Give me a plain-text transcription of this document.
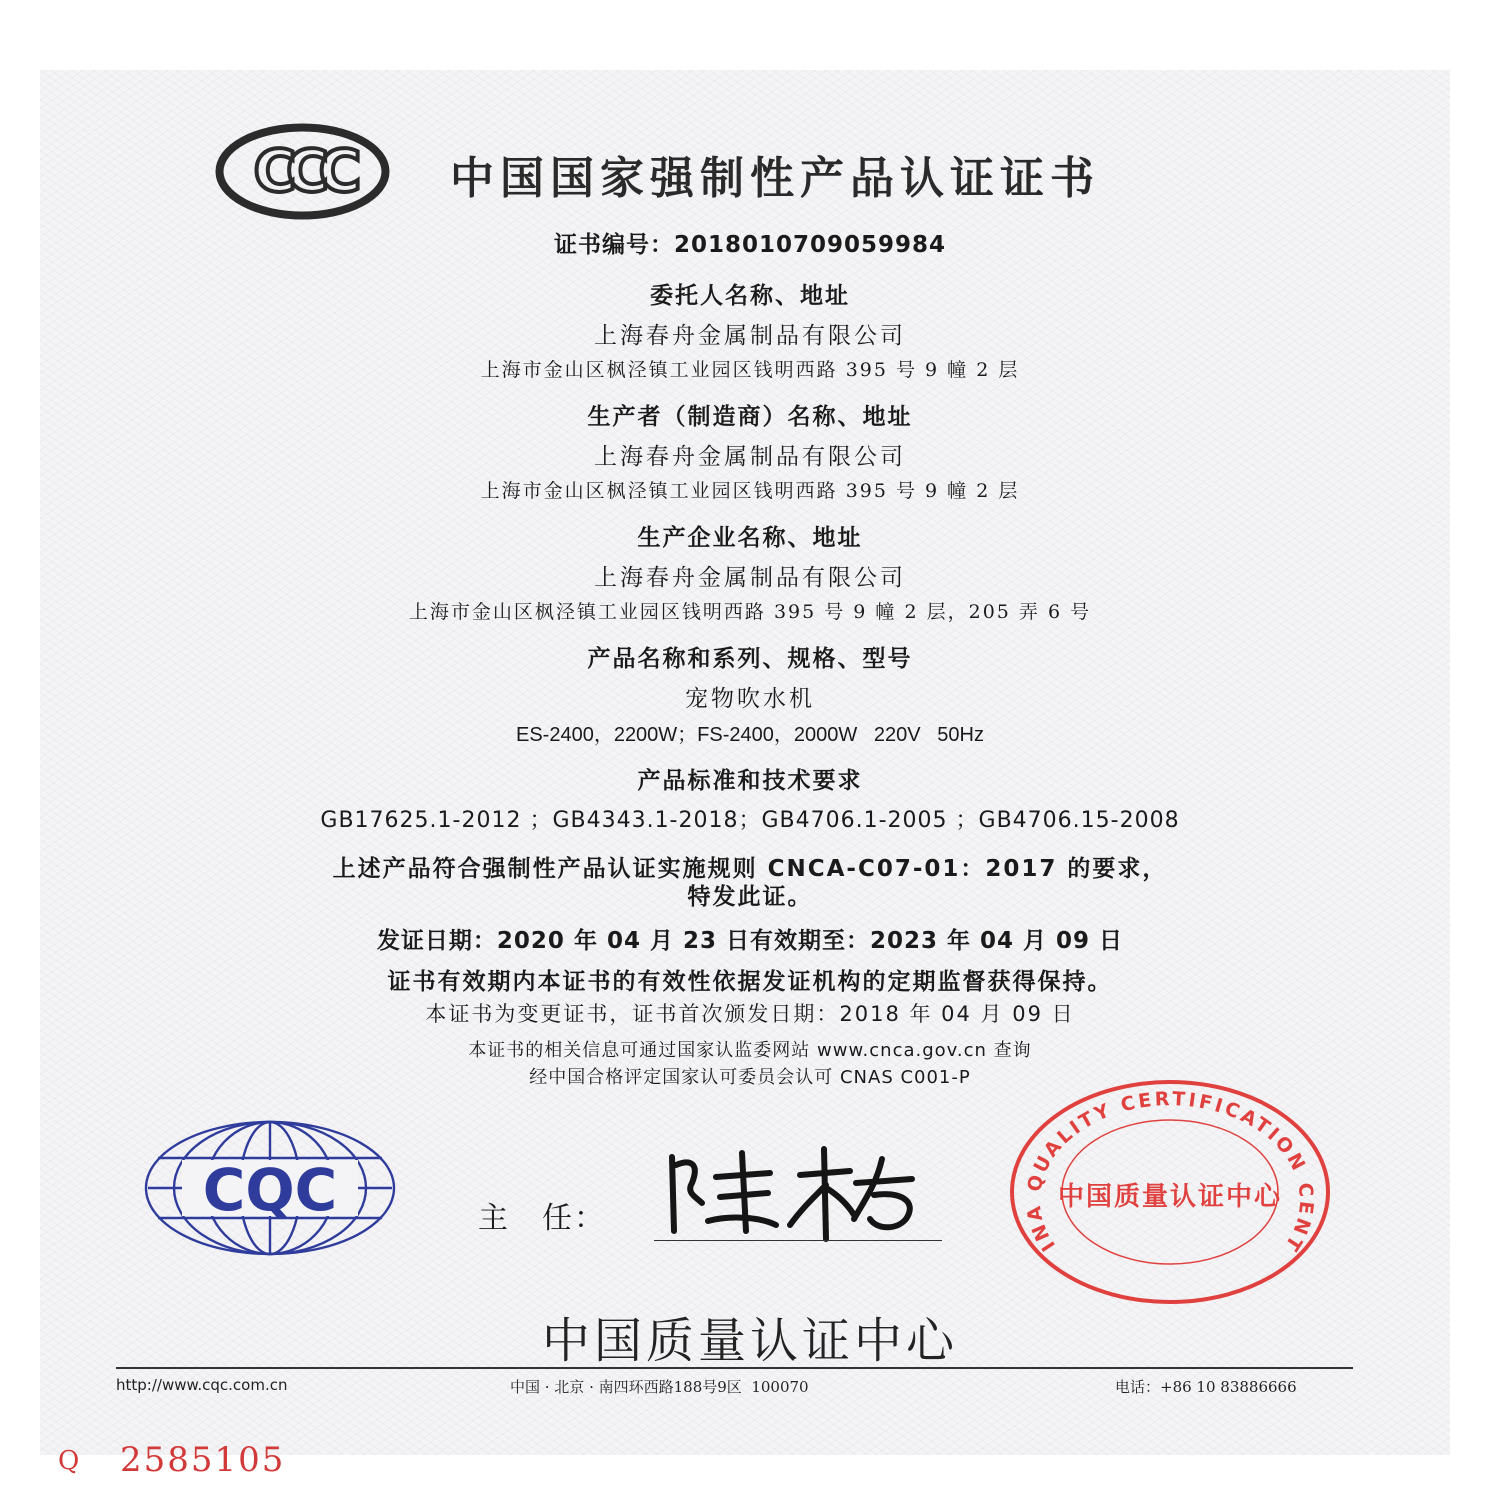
CCC 中国国家强制性产品认证证书
证书编号：2018010709059984
委托人名称、地址
上海春舟金属制品有限公司
上海市金山区枫泾镇工业园区钱明西路 395 号 9 幢 2 层
生产者（制造商）名称、地址
上海春舟金属制品有限公司
上海市金山区枫泾镇工业园区钱明西路 395 号 9 幢 2 层
生产企业名称、地址
上海春舟金属制品有限公司
上海市金山区枫泾镇工业园区钱明西路 395 号 9 幢 2 层，205 弄 6 号
产品名称和系列、规格、型号
宠物吹水机
ES-2400，2200W；FS-2400，2000W   220V   50Hz
产品标准和技术要求
GB17625.1-2012 ；GB4343.1-2018；GB4706.1-2005 ；GB4706.15-2008
上述产品符合强制性产品认证实施规则 CNCA-C07-01：2017 的要求，
特发此证。
发证日期：2020 年 04 月 23 日有效期至：2023 年 04 月 09 日
证书有效期内本证书的有效性依据发证机构的定期监督获得保持。
本证书为变更证书，证书首次颁发日期：2018 年 04 月 09 日
本证书的相关信息可通过国家认监委网站 www.cnca.gov.cn 查询
经中国合格评定国家认可委员会认可 CNAS C001-P
CQC	主　任：
INA QUALITY CERTIFICATION CENT
中国质量认证中心
中国质量认证中心
http://www.cqc.com.cn	中国 · 北京 · 南四环西路188号9区  100070	电话：+86 10 83886666
Q 2585105
